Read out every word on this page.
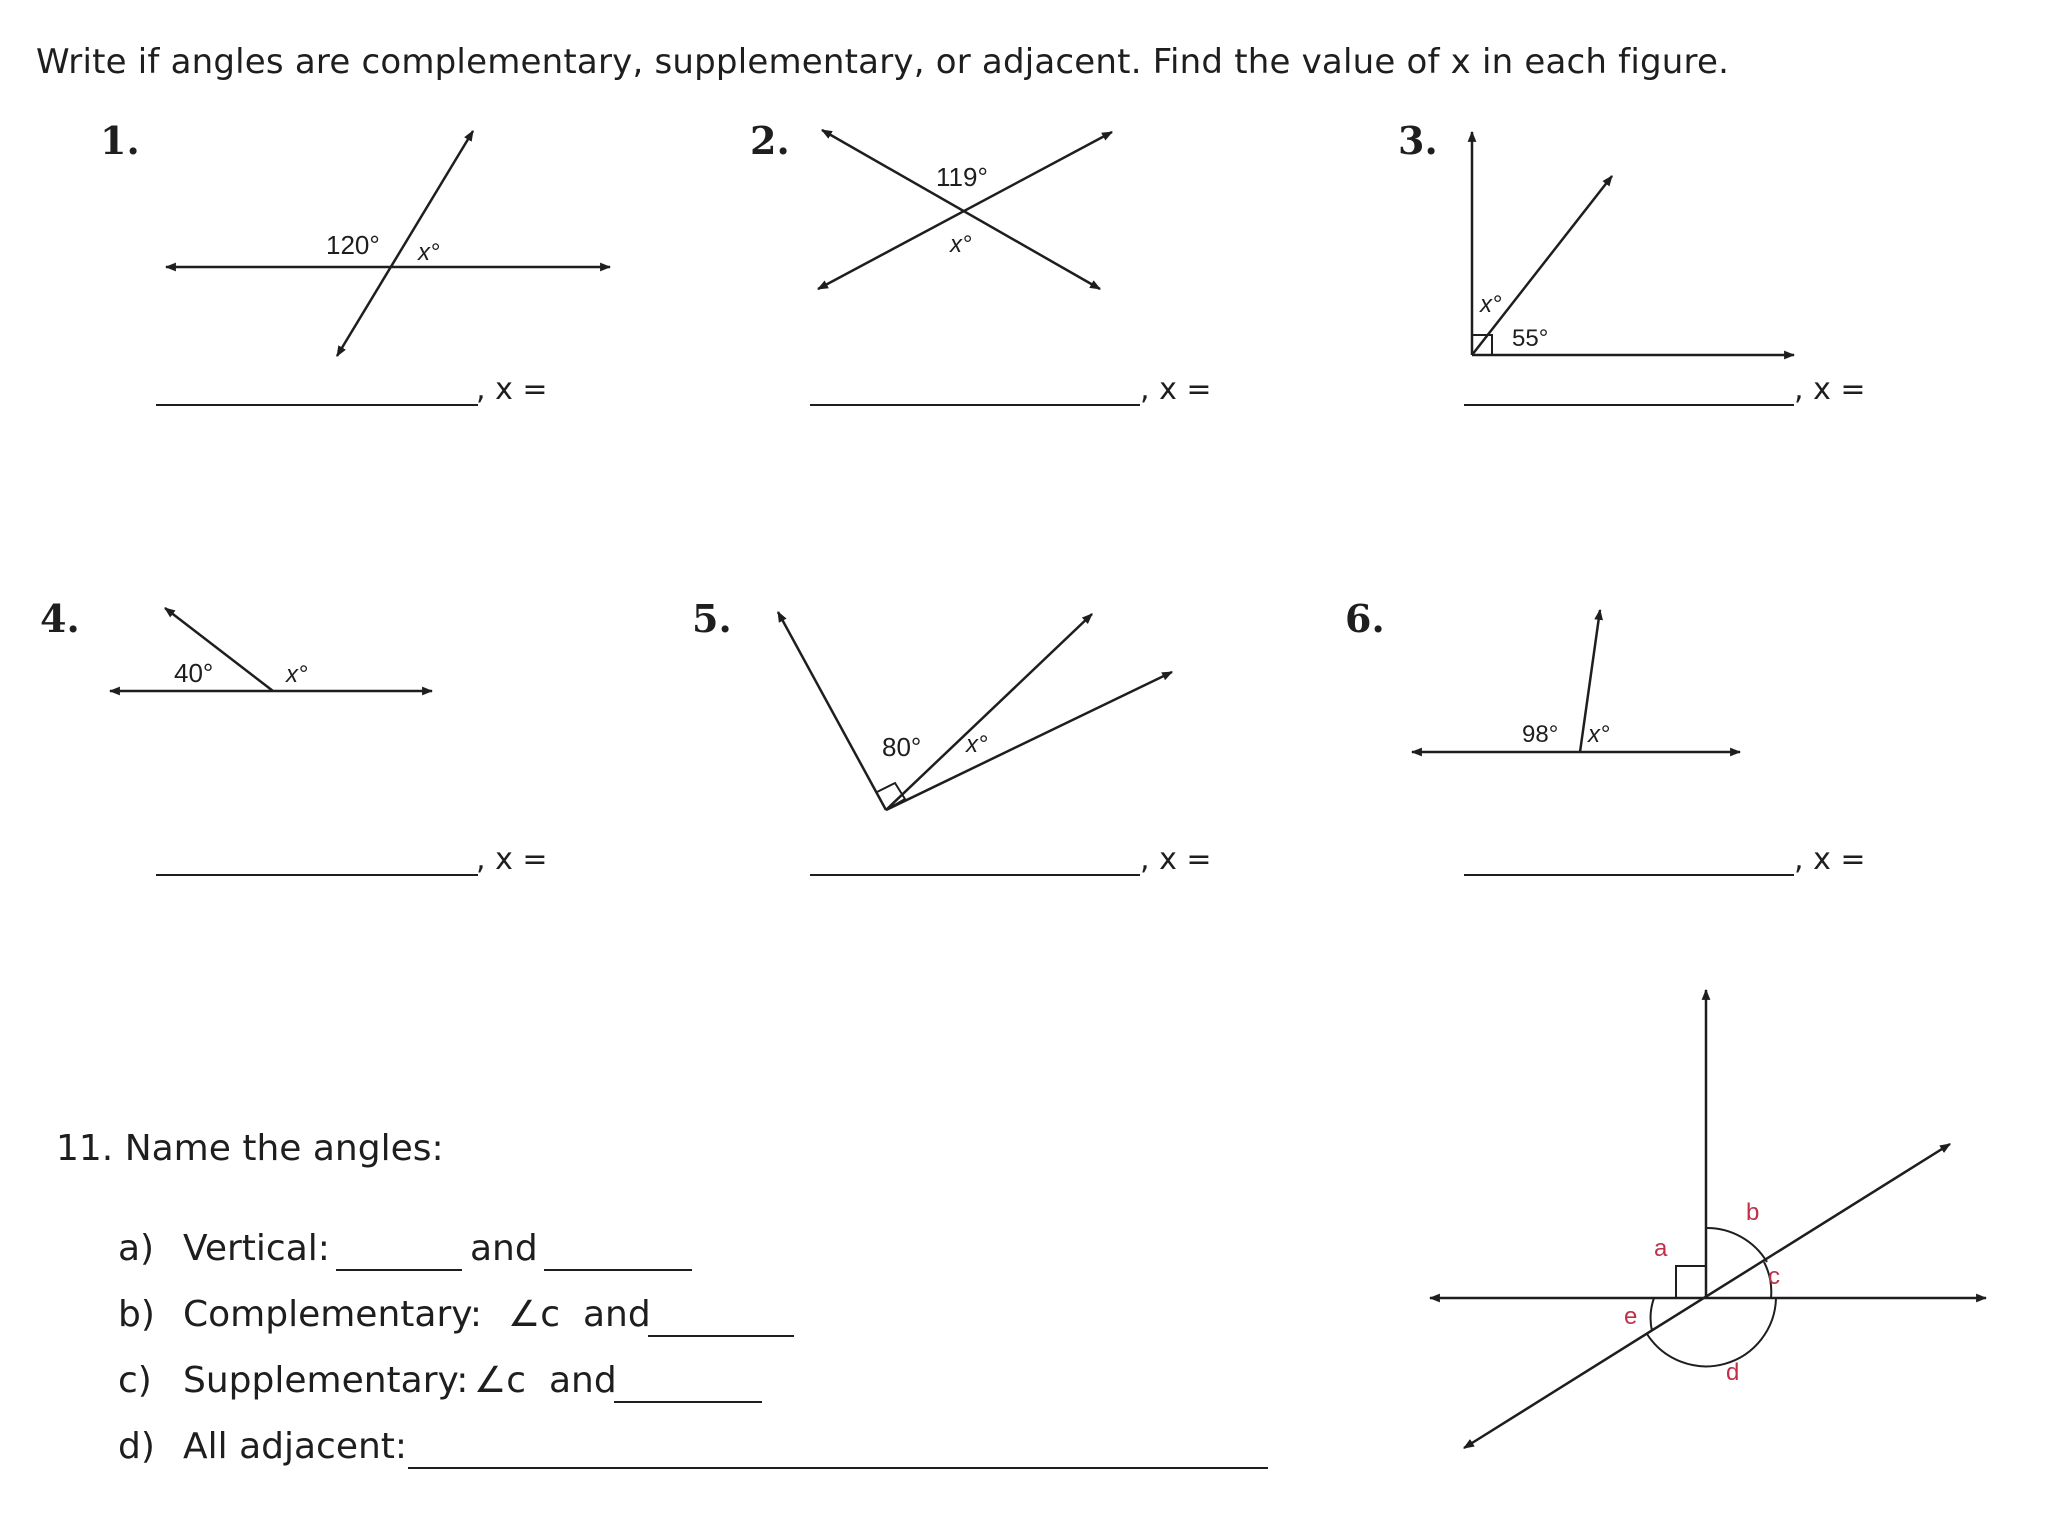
Write if angles are complementary, supplementary, or adjacent. Find the value of x in each figure.
1.	2.	3.
4.	5.	6.
, x =	, x =	, x =
, x =	, x =	, x =
11. Name the angles:
a) Vertical:	and
b) Complementary: ∠c  and
c) Supplementary: ∠c  and
d) All adjacent:
120° x°
119°
x°
x°
55°
40°	x°
80° x°	98° x°
a
b
c
d
e
